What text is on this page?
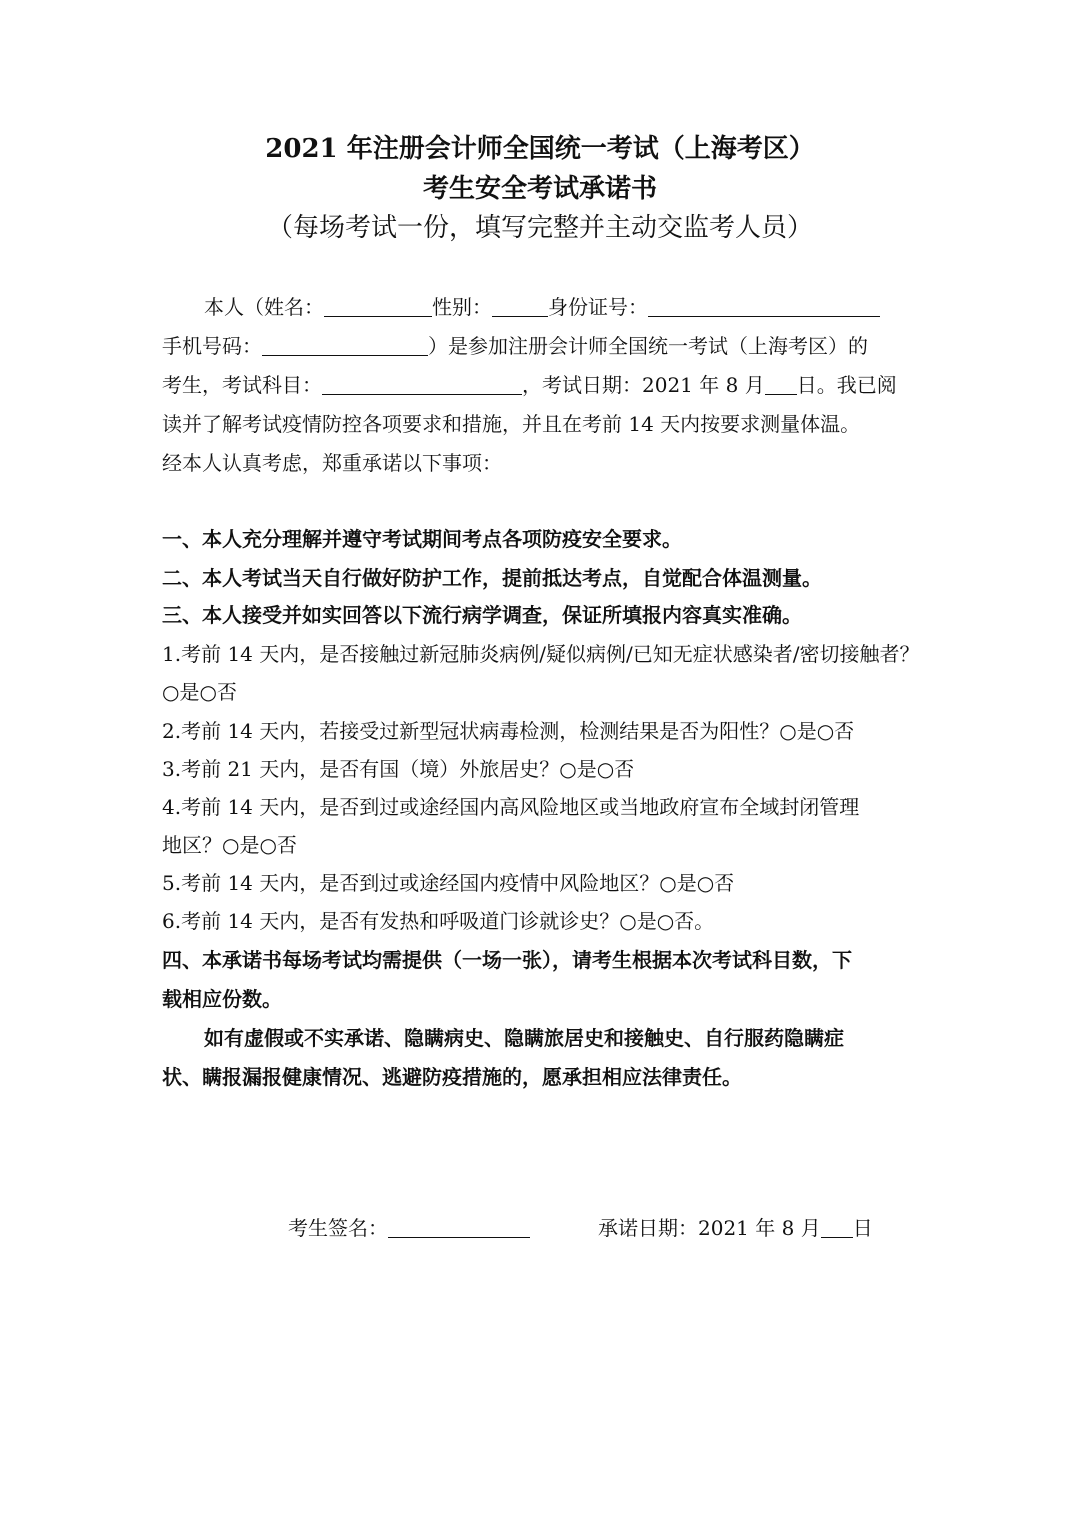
2021 年注册会计师全国统一考试（上海考区）
考生安全考试承诺书
（每场考试一份，填写完整并主动交监考人员）
本人（姓名：	性别：	身份证号：
手机号码：	）是参加注册会计师全国统一考试（上海考区）的
考生，考试科目：	，考试日期：2021 年 8 月 日。我已阅
读并了解考试疫情防控各项要求和措施，并且在考前 14 天内按要求测量体温。
经本人认真考虑，郑重承诺以下事项：
一、本人充分理解并遵守考试期间考点各项防疫安全要求。
二、本人考试当天自行做好防护工作，提前抵达考点，自觉配合体温测量。
三、本人接受并如实回答以下流行病学调查，保证所填报内容真实准确。
1.考前 14 天内，是否接触过新冠肺炎病例/疑似病例/已知无症状感染者/密切接触者？
○是○否
2.考前 14 天内，若接受过新型冠状病毒检测，检测结果是否为阳性？○是○否
3.考前 21 天内，是否有国（境）外旅居史？○是○否
4.考前 14 天内，是否到过或途经国内高风险地区或当地政府宣布全域封闭管理
地区？○是○否
5.考前 14 天内，是否到过或途经国内疫情中风险地区？○是○否
6.考前 14 天内，是否有发热和呼吸道门诊就诊史？○是○否。
四、本承诺书每场考试均需提供（一场一张），请考生根据本次考试科目数，下
载相应份数。
如有虚假或不实承诺、隐瞒病史、隐瞒旅居史和接触史、自行服药隐瞒症
状、瞒报漏报健康情况、逃避防疫措施的，愿承担相应法律责任。
考生签名：	承诺日期：2021 年 8 月 日
